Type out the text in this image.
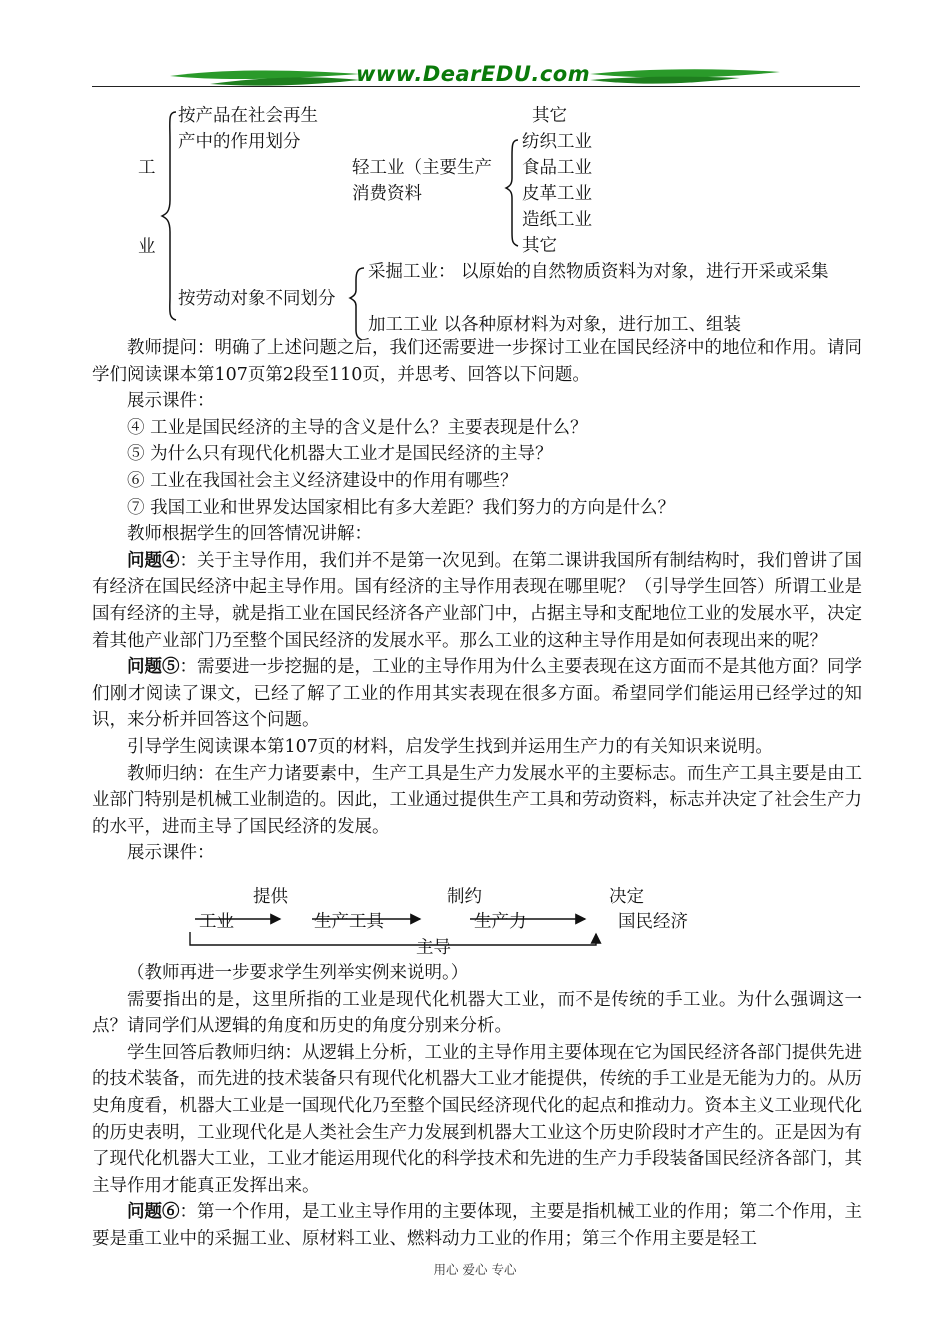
www.DearEDU.com
工
业
按产品在社会再生
产中的作用划分
其它
轻工业（主要生产
消费资料
纺织工业
食品工业
皮革工业
造纸工业
其它
按劳动对象不同划分
采掘工业： 以原始的自然物质资料为对象，进行开采或采集
加工工业 以各种原材料为对象，进行加工、组装

教师提问：明确了上述问题之后，我们还需要进一步探讨工业在国民经济中的地位和作用。请同学们阅读课本第107页第2段至110页，并思考、回答以下问题。

展示课件：

④ 工业是国民经济的主导的含义是什么？主要表现是什么？

⑤ 为什么只有现代化机器大工业才是国民经济的主导？

⑥ 工业在我国社会主义经济建设中的作用有哪些？

⑦ 我国工业和世界发达国家相比有多大差距？我们努力的方向是什么？

教师根据学生的回答情况讲解：

问题④：关于主导作用，我们并不是第一次见到。在第二课讲我国所有制结构时，我们曾讲了国有经济在国民经济中起主导作用。国有经济的主导作用表现在哪里呢？（引导学生回答）所谓工业是国有经济的主导，就是指工业在国民经济各产业部门中，占据主导和支配地位工业的发展水平，决定着其他产业部门乃至整个国民经济的发展水平。那么工业的这种主导作用是如何表现出来的呢？

问题⑤：需要进一步挖掘的是，工业的主导作用为什么主要表现在这方面而不是其他方面？同学们刚才阅读了课文，已经了解了工业的作用其实表现在很多方面。希望同学们能运用已经学过的知识，来分析并回答这个问题。

引导学生阅读课本第107页的材料，启发学生找到并运用生产力的有关知识来说明。

教师归纳：在生产力诸要素中，生产工具是生产力发展水平的主要标志。而生产工具主要是由工业部门特别是机械工业制造的。因此，工业通过提供生产工具和劳动资料，标志并决定了社会生产力的水平，进而主导了国民经济的发展。

展示课件：

提供	制约	决定
工业	生产工具	生产力	国民经济
主导

（教师再进一步要求学生列举实例来说明。）

需要指出的是，这里所指的工业是现代化机器大工业，而不是传统的手工业。为什么强调这一点？请同学们从逻辑的角度和历史的角度分别来分析。

学生回答后教师归纳：从逻辑上分析，工业的主导作用主要体现在它为国民经济各部门提供先进的技术装备，而先进的技术装备只有现代化机器大工业才能提供，传统的手工业是无能为力的。从历史角度看，机器大工业是一国现代化乃至整个国民经济现代化的起点和推动力。资本主义工业现代化的历史表明，工业现代化是人类社会生产力发展到机器大工业这个历史阶段时才产生的。正是因为有了现代化机器大工业，工业才能运用现代化的科学技术和先进的生产力手段装备国民经济各部门，其主导作用才能真正发挥出来。

问题⑥：第一个作用，是工业主导作用的主要体现，主要是指机械工业的作用；第二个作用，主要是重工业中的采掘工业、原材料工业、燃料动力工业的作用；第三个作用主要是轻工

用心 爱心 专心
